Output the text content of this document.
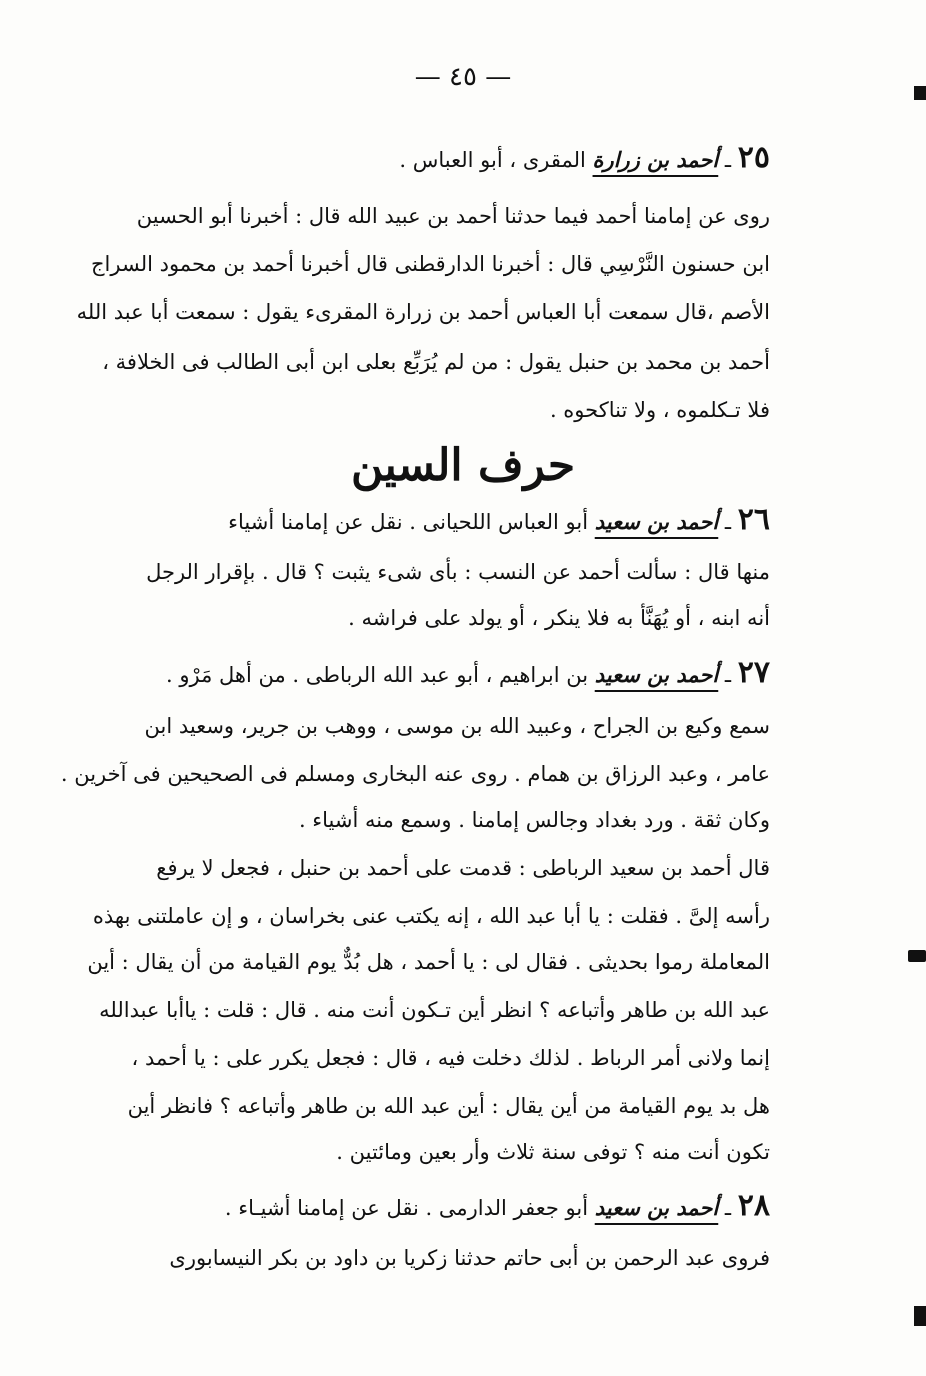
— ٤٥ —
٢٥ ـ أحمد بن زرارة المقرى ، أبو العباس .
روى عن إمامنا أحمد فيما حدثنا أحمد بن عبيد الله قال : أخبرنا أبو الحسين
ابن حسنون النَّرْسِي قال : أخبرنا الدارقطنى قال أخبرنا أحمد بن محمود السراج
الأصم ،قال سمعت أبا العباس أحمد بن زرارة المقرىء يقول : سمعت أبا عبد الله
أحمد بن محمد بن حنبل يقول : من لم يُرَبِّع بعلى ابن أبى الطالب فى الخلافة ،
فلا تـكلموه ، ولا تناكحوه .
حرف السين
٢٦ ـ أحمد بن سعيد أبو العباس اللحيانى . نقل عن إمامنا أشياء
منها قال : سألت أحمد عن النسب : بأى شىء يثبت ؟ قال . بإقرار الرجل
أنه ابنه ، أو يُهَنَّأ به فلا ينكر ، أو يولد على فراشه .
٢٧ ـ أحمد بن سعيد بن ابراهيم ، أبو عبد الله الرباطى . من أهل مَرْو .
سمع وكيع بن الجراح ، وعبيد الله بن موسى ، ووهب بن جرير، وسعيد ابن
عامر ، وعبد الرزاق بن همام . روى عنه البخارى ومسلم فى الصحيحين فى آخرين .
وكان ثقة . ورد بغداد وجالس إمامنا . وسمع منه أشياء .
قال أحمد بن سعيد الرباطى : قدمت على أحمد بن حنبل ، فجعل لا يرفع
رأسه إلىَّ . فقلت : يا أبا عبد الله ، إنه يكتب عنى بخراسان ، و إن عاملتنى بهذه
المعاملة رموا بحديثى . فقال لى : يا أحمد ، هل بُدٌّ يوم القيامة من أن يقال : أين
عبد الله بن طاهر وأتباعه ؟ انظر أين تـكون أنت منه . قال : قلت : ياأبا عبدالله
إنما ولانى أمر الرباط . لذلك دخلت فيه ، قال : فجعل يكرر على : يا أحمد ،
هل بد يوم القيامة من أين يقال : أين عبد الله بن طاهر وأتباعه ؟ فانظر أين
تكون أنت منه ؟ توفى سنة ثلاث وأر بعين ومائتين .
٢٨ ـ أحمد بن سعيد أبو جعفر الدارمى . نقل عن إمامنا أشيـاء .
فروى عبد الرحمن بن أبى حاتم حدثنا زكريا بن داود بن بكر النيسابورى
